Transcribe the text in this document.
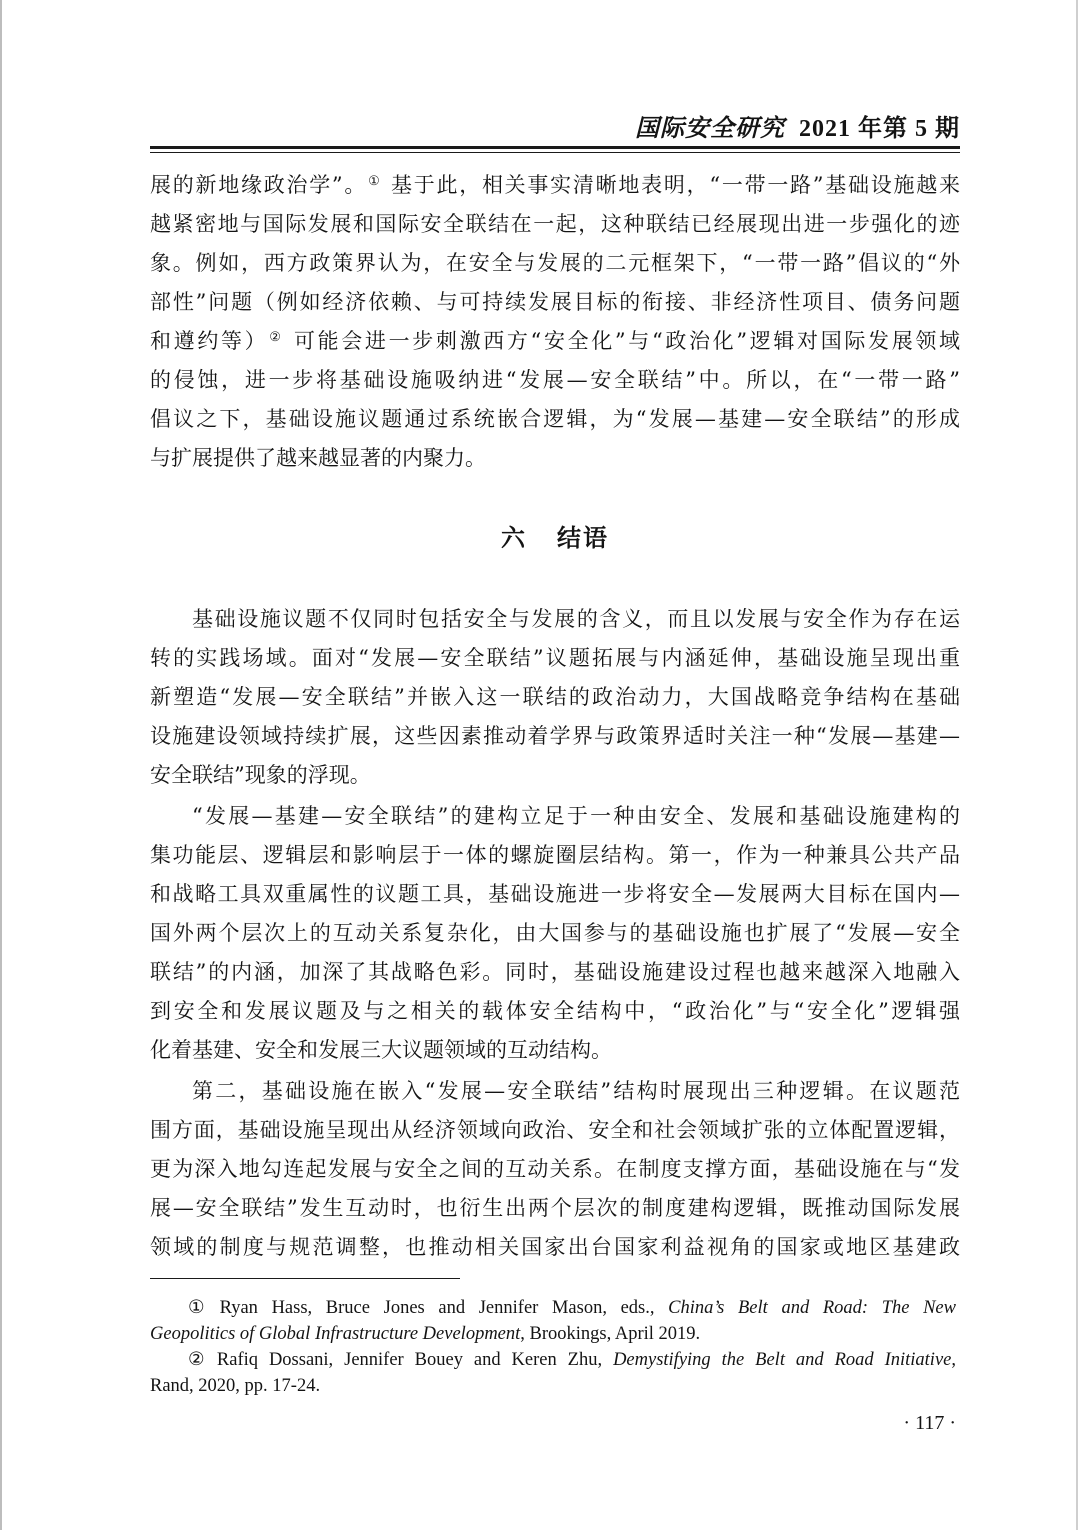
国际安全研究 2021 年第 5 期
展的新地缘政治学”。① 基于此，相关事实清晰地表明，“一带一路”基础设施越来
越紧密地与国际发展和国际安全联结在一起，这种联结已经展现出进一步强化的迹
象。例如，西方政策界认为，在安全与发展的二元框架下，“一带一路”倡议的“外
部性”问题（例如经济依赖、与可持续发展目标的衔接、非经济性项目、债务问题
和遵约等）② 可能会进一步刺激西方“安全化”与“政治化”逻辑对国际发展领域
的侵蚀，进一步将基础设施吸纳进“发展—安全联结”中。所以，在“一带一路”
倡议之下，基础设施议题通过系统嵌合逻辑，为“发展—基建—安全联结”的形成
与扩展提供了越来越显著的内聚力。
六 结语
基础设施议题不仅同时包括安全与发展的含义，而且以发展与安全作为存在运
转的实践场域。面对“发展—安全联结”议题拓展与内涵延伸，基础设施呈现出重
新塑造“发展—安全联结”并嵌入这一联结的政治动力，大国战略竞争结构在基础
设施建设领域持续扩展，这些因素推动着学界与政策界适时关注一种“发展—基建—
安全联结”现象的浮现。
“发展—基建—安全联结”的建构立足于一种由安全、发展和基础设施建构的
集功能层、逻辑层和影响层于一体的螺旋圈层结构。第一，作为一种兼具公共产品
和战略工具双重属性的议题工具，基础设施进一步将安全—发展两大目标在国内—
国外两个层次上的互动关系复杂化，由大国参与的基础设施也扩展了“发展—安全
联结”的内涵，加深了其战略色彩。同时，基础设施建设过程也越来越深入地融入
到安全和发展议题及与之相关的载体安全结构中，“政治化”与“安全化”逻辑强
化着基建、安全和发展三大议题领域的互动结构。
第二，基础设施在嵌入“发展—安全联结”结构时展现出三种逻辑。在议题范
围方面，基础设施呈现出从经济领域向政治、安全和社会领域扩张的立体配置逻辑，
更为深入地勾连起发展与安全之间的互动关系。在制度支撑方面，基础设施在与“发
展—安全联结”发生互动时，也衍生出两个层次的制度建构逻辑，既推动国际发展
领域的制度与规范调整，也推动相关国家出台国家利益视角的国家或地区基建政
① Ryan Hass, Bruce Jones and Jennifer Mason, eds., China’s Belt and Road: The New
Geopolitics of Global Infrastructure Development, Brookings, April 2019.
② Rafiq Dossani, Jennifer Bouey and Keren Zhu, Demystifying the Belt and Road Initiative,
Rand, 2020, pp. 17-24.
· 117 ·
